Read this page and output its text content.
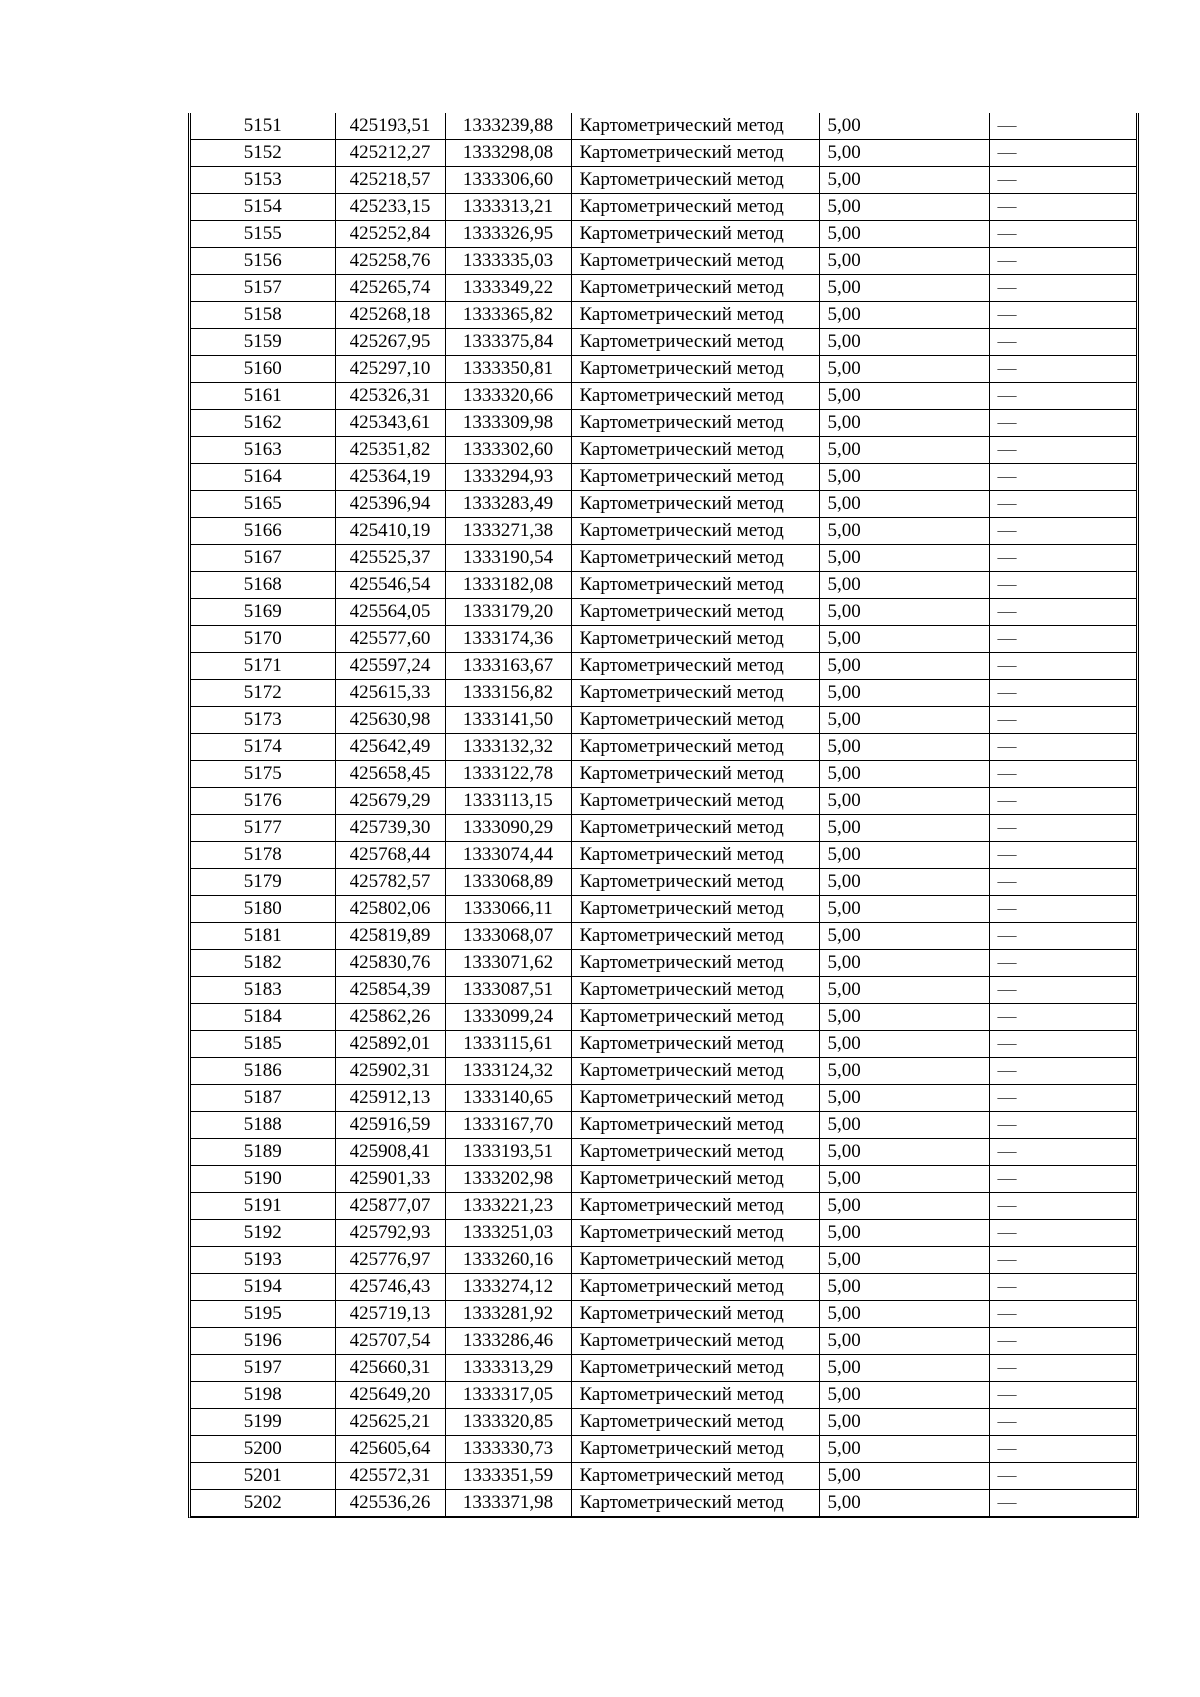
5151	425193,51	1333239,88	Картометрический метод	5,00	—
5152	425212,27	1333298,08	Картометрический метод	5,00	—
5153	425218,57	1333306,60	Картометрический метод	5,00	—
5154	425233,15	1333313,21	Картометрический метод	5,00	—
5155	425252,84	1333326,95	Картометрический метод	5,00	—
5156	425258,76	1333335,03	Картометрический метод	5,00	—
5157	425265,74	1333349,22	Картометрический метод	5,00	—
5158	425268,18	1333365,82	Картометрический метод	5,00	—
5159	425267,95	1333375,84	Картометрический метод	5,00	—
5160	425297,10	1333350,81	Картометрический метод	5,00	—
5161	425326,31	1333320,66	Картометрический метод	5,00	—
5162	425343,61	1333309,98	Картометрический метод	5,00	—
5163	425351,82	1333302,60	Картометрический метод	5,00	—
5164	425364,19	1333294,93	Картометрический метод	5,00	—
5165	425396,94	1333283,49	Картометрический метод	5,00	—
5166	425410,19	1333271,38	Картометрический метод	5,00	—
5167	425525,37	1333190,54	Картометрический метод	5,00	—
5168	425546,54	1333182,08	Картометрический метод	5,00	—
5169	425564,05	1333179,20	Картометрический метод	5,00	—
5170	425577,60	1333174,36	Картометрический метод	5,00	—
5171	425597,24	1333163,67	Картометрический метод	5,00	—
5172	425615,33	1333156,82	Картометрический метод	5,00	—
5173	425630,98	1333141,50	Картометрический метод	5,00	—
5174	425642,49	1333132,32	Картометрический метод	5,00	—
5175	425658,45	1333122,78	Картометрический метод	5,00	—
5176	425679,29	1333113,15	Картометрический метод	5,00	—
5177	425739,30	1333090,29	Картометрический метод	5,00	—
5178	425768,44	1333074,44	Картометрический метод	5,00	—
5179	425782,57	1333068,89	Картометрический метод	5,00	—
5180	425802,06	1333066,11	Картометрический метод	5,00	—
5181	425819,89	1333068,07	Картометрический метод	5,00	—
5182	425830,76	1333071,62	Картометрический метод	5,00	—
5183	425854,39	1333087,51	Картометрический метод	5,00	—
5184	425862,26	1333099,24	Картометрический метод	5,00	—
5185	425892,01	1333115,61	Картометрический метод	5,00	—
5186	425902,31	1333124,32	Картометрический метод	5,00	—
5187	425912,13	1333140,65	Картометрический метод	5,00	—
5188	425916,59	1333167,70	Картометрический метод	5,00	—
5189	425908,41	1333193,51	Картометрический метод	5,00	—
5190	425901,33	1333202,98	Картометрический метод	5,00	—
5191	425877,07	1333221,23	Картометрический метод	5,00	—
5192	425792,93	1333251,03	Картометрический метод	5,00	—
5193	425776,97	1333260,16	Картометрический метод	5,00	—
5194	425746,43	1333274,12	Картометрический метод	5,00	—
5195	425719,13	1333281,92	Картометрический метод	5,00	—
5196	425707,54	1333286,46	Картометрический метод	5,00	—
5197	425660,31	1333313,29	Картометрический метод	5,00	—
5198	425649,20	1333317,05	Картометрический метод	5,00	—
5199	425625,21	1333320,85	Картометрический метод	5,00	—
5200	425605,64	1333330,73	Картометрический метод	5,00	—
5201	425572,31	1333351,59	Картометрический метод	5,00	—
5202	425536,26	1333371,98	Картометрический метод	5,00	—
